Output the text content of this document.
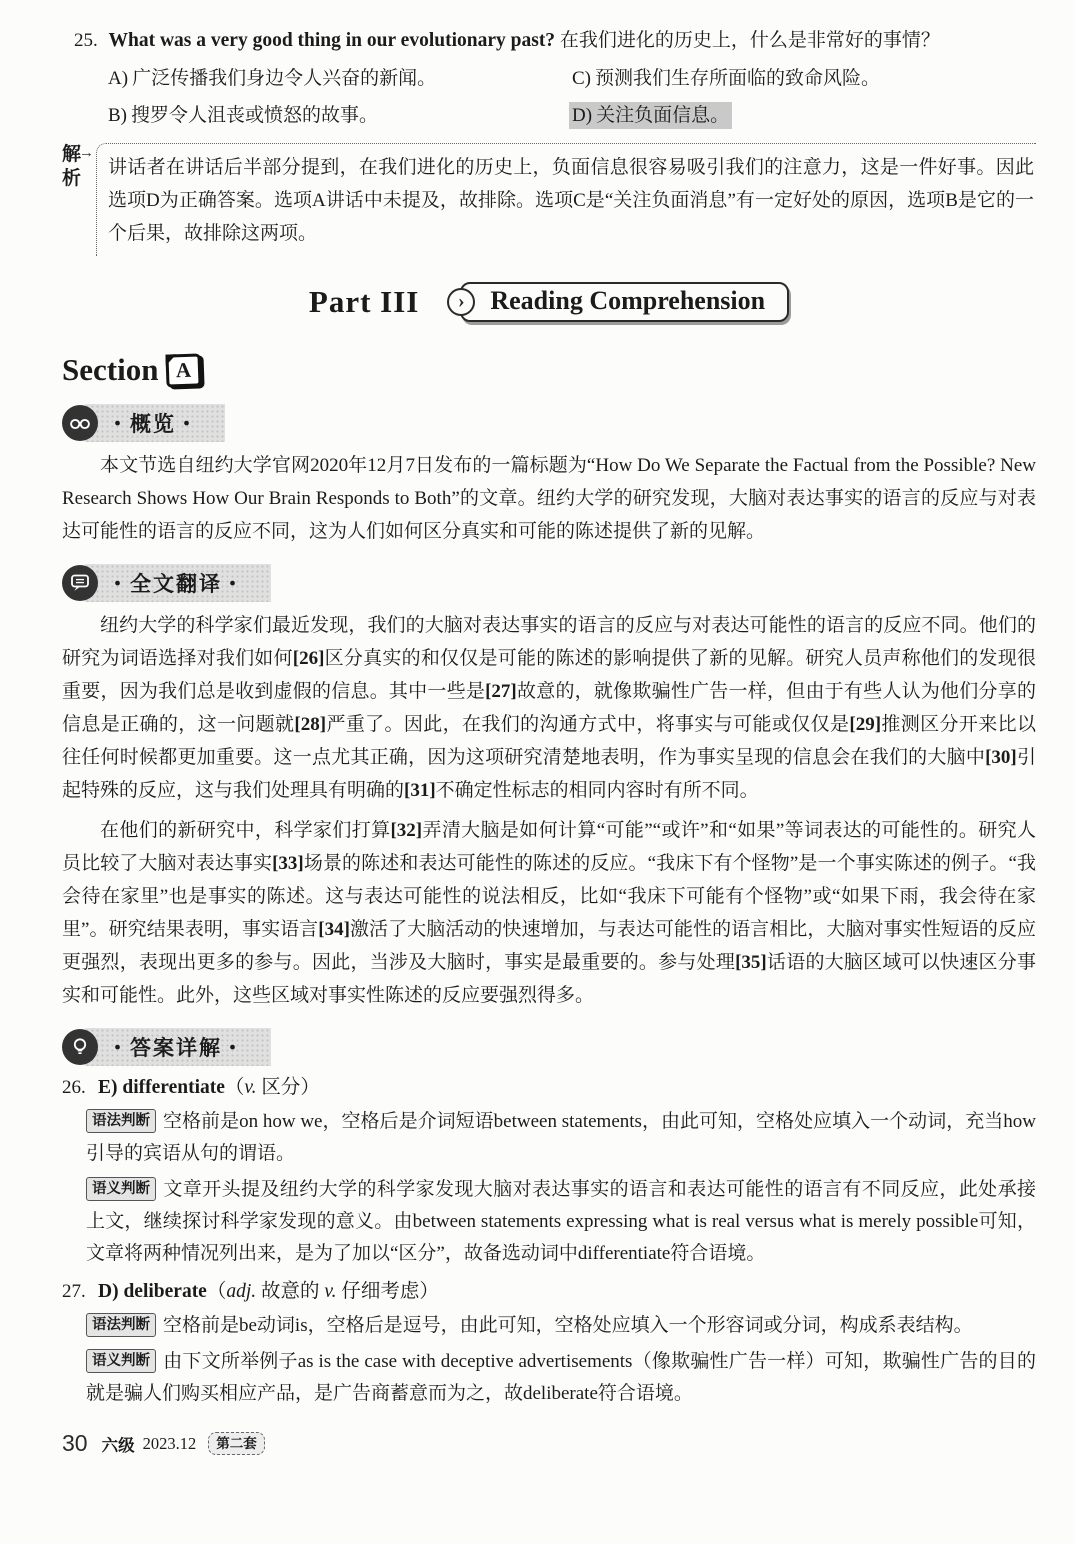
25. What was a very good thing in our evolutionary past? 在我们进化的历史上，什么是非常好的事情？
A) 广泛传播我们身边令人兴奋的新闻。	C) 预测我们生存所面临的致命风险。
B) 搜罗令人沮丧或愤怒的故事。	D) 关注负面信息。
解析
→
讲话者在讲话后半部分提到，在我们进化的历史上，负面信息很容易吸引我们的注意力，这是一件好事。因此选项D为正确答案。选项A讲话中未提及，故排除。选项C是“关注负面消息”有一定好处的原因，选项B是它的一个后果，故排除这两项。
Part III	› Reading Comprehension
Section A
・概览・

本文节选自纽约大学官网2020年12月7日发布的一篇标题为“How Do We Separate the Factual from the Possible? New Research Shows How Our Brain Responds to Both”的文章。纽约大学的研究发现，大脑对表达事实的语言的反应与对表达可能性的语言的反应不同，这为人们如何区分真实和可能的陈述提供了新的见解。

・全文翻译・

纽约大学的科学家们最近发现，我们的大脑对表达事实的语言的反应与对表达可能性的语言的反应不同。他们的研究为词语选择对我们如何[26]区分真实的和仅仅是可能的陈述的影响提供了新的见解。研究人员声称他们的发现很重要，因为我们总是收到虚假的信息。其中一些是[27]故意的，就像欺骗性广告一样，但由于有些人认为他们分享的信息是正确的，这一问题就[28]严重了。因此，在我们的沟通方式中，将事实与可能或仅仅是[29]推测区分开来比以往任何时候都更加重要。这一点尤其正确，因为这项研究清楚地表明，作为事实呈现的信息会在我们的大脑中[30]引起特殊的反应，这与我们处理具有明确的[31]不确定性标志的相同内容时有所不同。

在他们的新研究中，科学家们打算[32]弄清大脑是如何计算“可能”“或许”和“如果”等词表达的可能性的。研究人员比较了大脑对表达事实[33]场景的陈述和表达可能性的陈述的反应。“我床下有个怪物”是一个事实陈述的例子。“我会待在家里”也是事实的陈述。这与表达可能性的说法相反，比如“我床下可能有个怪物”或“如果下雨，我会待在家里”。研究结果表明，事实语言[34]激活了大脑活动的快速增加，与表达可能性的语言相比，大脑对事实性短语的反应更强烈，表现出更多的参与。因此，当涉及大脑时，事实是最重要的。参与处理[35]话语的大脑区域可以快速区分事实和可能性。此外，这些区域对事实性陈述的反应要强烈得多。

・答案详解・
26. E) differentiate（v. 区分）

语法判断 空格前是on how we，空格后是介词短语between statements，由此可知，空格处应填入一个动词，充当how引导的宾语从句的谓语。

语义判断 文章开头提及纽约大学的科学家发现大脑对表达事实的语言和表达可能性的语言有不同反应，此处承接上文，继续探讨科学家发现的意义。由between statements expressing what is real versus what is merely possible可知，文章将两种情况列出来，是为了加以“区分”，故备选动词中differentiate符合语境。

27. D) deliberate（adj. 故意的 v. 仔细考虑）

语法判断 空格前是be动词is，空格后是逗号，由此可知，空格处应填入一个形容词或分词，构成系表结构。

语义判断 由下文所举例子as is the case with deceptive advertisements（像欺骗性广告一样）可知，欺骗性广告的目的就是骗人们购买相应产品，是广告商蓄意而为之，故deliberate符合语境。

30 六级 2023.12	第二套
